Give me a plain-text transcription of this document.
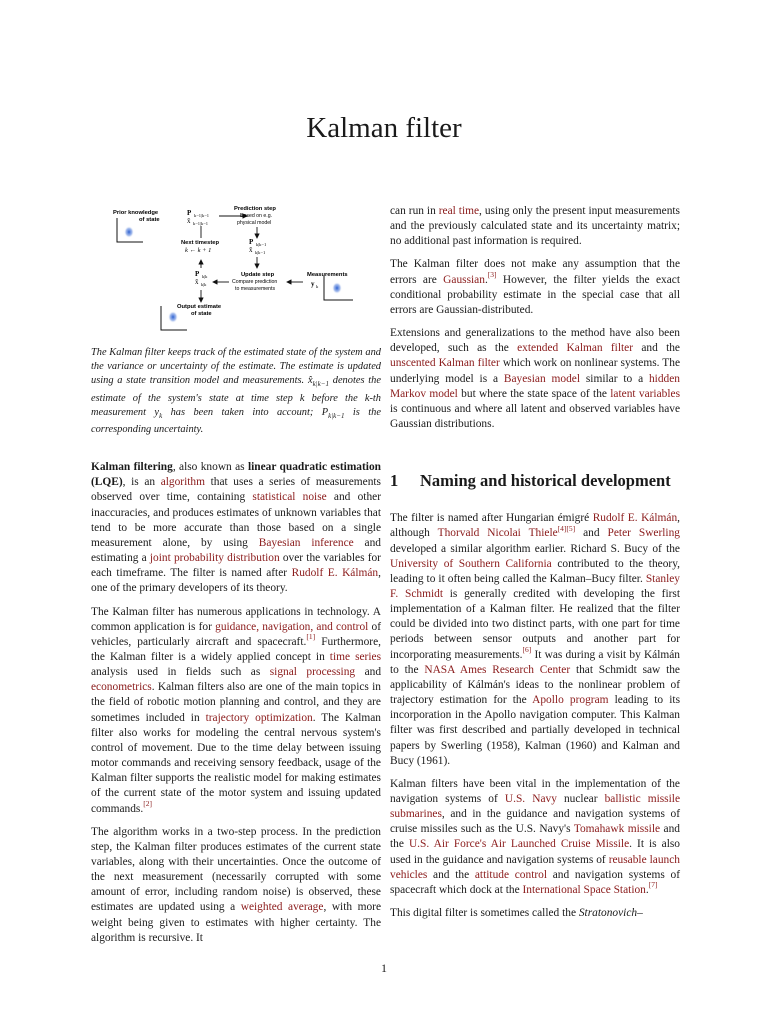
Kalman filter
Prior knowledge
of state
P k−1|k−1
x̂ k−1|k−1
Prediction step
Based on e.g.
physical model
Next timestep
k ← k + 1
P k|k−1
x̂ k|k−1
Update step
Compare prediction
to measurements
P k|k
x̂ k|k
Measurements
y k
Output estimate
of state
The Kalman filter keeps track of the estimated state of the system and the variance or uncertainty of the estimate. The estimate is updated using a state transition model and measurements. $x̂_{k|k-1}$ denotes the estimate of the system's state at time step k before the k-th measurement $y_k$ has been taken into account; $P_{k|k-1}$ is the corresponding uncertainty.

Kalman filtering, also known as linear quadratic estimation (LQE), is an algorithm that uses a series of measurements observed over time, containing statistical noise and other inaccuracies, and produces estimates of unknown variables that tend to be more accurate than those based on a single measurement alone, by using Bayesian inference and estimating a joint probability distribution over the variables for each timeframe. The filter is named after Rudolf E. Kálmán, one of the primary developers of its theory.

The Kalman filter has numerous applications in technology. A common application is for guidance, navigation, and control of vehicles, particularly aircraft and spacecraft.[1] Furthermore, the Kalman filter is a widely applied concept in time series analysis used in fields such as signal processing and econometrics. Kalman filters also are one of the main topics in the field of robotic motion planning and control, and they are sometimes included in trajectory optimization. The Kalman filter also works for modeling the central nervous system's control of movement. Due to the time delay between issuing motor commands and receiving sensory feedback, usage of the Kalman filter supports the realistic model for making estimates of the current state of the motor system and issuing updated commands.[2]

The algorithm works in a two-step process. In the prediction step, the Kalman filter produces estimates of the current state variables, along with their uncertainties. Once the outcome of the next measurement (necessarily corrupted with some amount of error, including random noise) is observed, these estimates are updated using a weighted average, with more weight being given to estimates with higher certainty. The algorithm is recursive. It

can run in real time, using only the present input measurements and the previously calculated state and its uncertainty matrix; no additional past information is required.

The Kalman filter does not make any assumption that the errors are Gaussian.[3] However, the filter yields the exact conditional probability estimate in the special case that all errors are Gaussian-distributed.

Extensions and generalizations to the method have also been developed, such as the extended Kalman filter and the unscented Kalman filter which work on nonlinear systems. The underlying model is a Bayesian model similar to a hidden Markov model but where the state space of the latent variables is continuous and where all latent and observed variables have Gaussian distributions.

1	Naming and historical development

The filter is named after Hungarian émigré Rudolf E. Kálmán, although Thorvald Nicolai Thiele[4][5] and Peter Swerling developed a similar algorithm earlier. Richard S. Bucy of the University of Southern California contributed to the theory, leading to it often being called the Kalman–Bucy filter. Stanley F. Schmidt is generally credited with developing the first implementation of a Kalman filter. He realized that the filter could be divided into two distinct parts, with one part for time periods between sensor outputs and another part for incorporating measurements.[6] It was during a visit by Kálmán to the NASA Ames Research Center that Schmidt saw the applicability of Kálmán's ideas to the nonlinear problem of trajectory estimation for the Apollo program leading to its incorporation in the Apollo navigation computer. This Kalman filter was first described and partially developed in technical papers by Swerling (1958), Kalman (1960) and Kalman and Bucy (1961).

Kalman filters have been vital in the implementation of the navigation systems of U.S. Navy nuclear ballistic missile submarines, and in the guidance and navigation systems of cruise missiles such as the U.S. Navy's Tomahawk missile and the U.S. Air Force's Air Launched Cruise Missile. It is also used in the guidance and navigation systems of reusable launch vehicles and the attitude control and navigation systems of spacecraft which dock at the International Space Station.[7]

This digital filter is sometimes called the Stratonovich–

1
